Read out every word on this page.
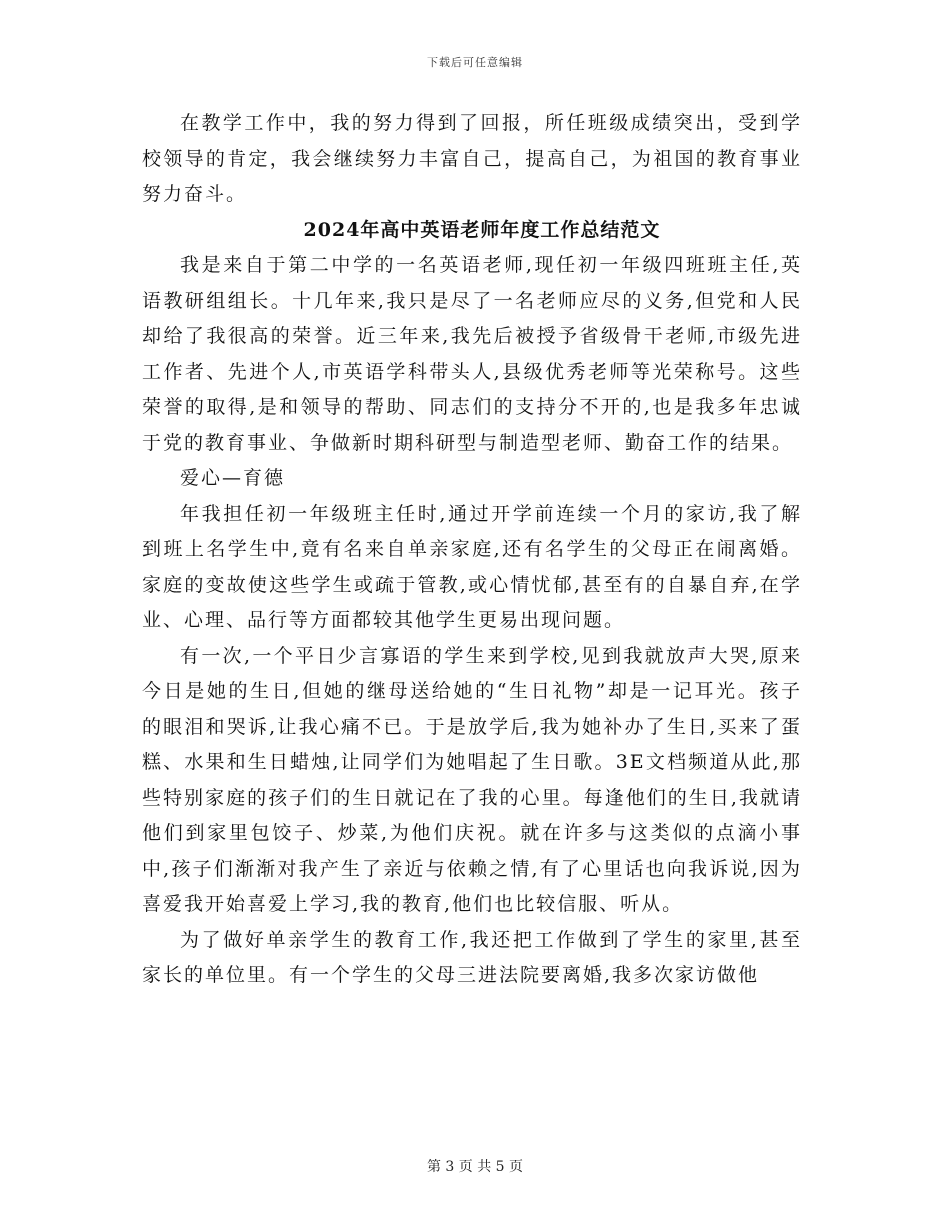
下载后可任意编辑

在教学工作中，我的努力得到了回报，所任班级成绩突出，受到学校领导的肯定，我会继续努力丰富自己，提高自己，为祖国的教育事业努力奋斗。

2024年高中英语老师年度工作总结范文

我是来自于第二中学的一名英语老师,现任初一年级四班班主任,英语教研组组长。十几年来,我只是尽了一名老师应尽的义务,但党和人民却给了我很高的荣誉。近三年来,我先后被授予省级骨干老师,市级先进工作者、先进个人,市英语学科带头人,县级优秀老师等光荣称号。这些荣誉的取得,是和领导的帮助、同志们的支持分不开的,也是我多年忠诚于党的教育事业、争做新时期科研型与制造型老师、勤奋工作的结果。

爱心—育德

年我担任初一年级班主任时,通过开学前连续一个月的家访,我了解到班上名学生中,竟有名来自单亲家庭,还有名学生的父母正在闹离婚。家庭的变故使这些学生或疏于管教,或心情忧郁,甚至有的自暴自弃,在学业、心理、品行等方面都较其他学生更易出现问题。

有一次,一个平日少言寡语的学生来到学校,见到我就放声大哭,原来今日是她的生日,但她的继母送给她的“生日礼物”却是一记耳光。孩子的眼泪和哭诉,让我心痛不已。于是放学后,我为她补办了生日,买来了蛋糕、水果和生日蜡烛,让同学们为她唱起了生日歌。3E文档频道从此,那些特别家庭的孩子们的生日就记在了我的心里。每逢他们的生日,我就请他们到家里包饺子、炒菜,为他们庆祝。就在许多与这类似的点滴小事中,孩子们渐渐对我产生了亲近与依赖之情,有了心里话也向我诉说,因为喜爱我开始喜爱上学习,我的教育,他们也比较信服、听从。

为了做好单亲学生的教育工作,我还把工作做到了学生的家里,甚至家长的单位里。有一个学生的父母三进法院要离婚,我多次家访做他

第 3 页 共 5 页
